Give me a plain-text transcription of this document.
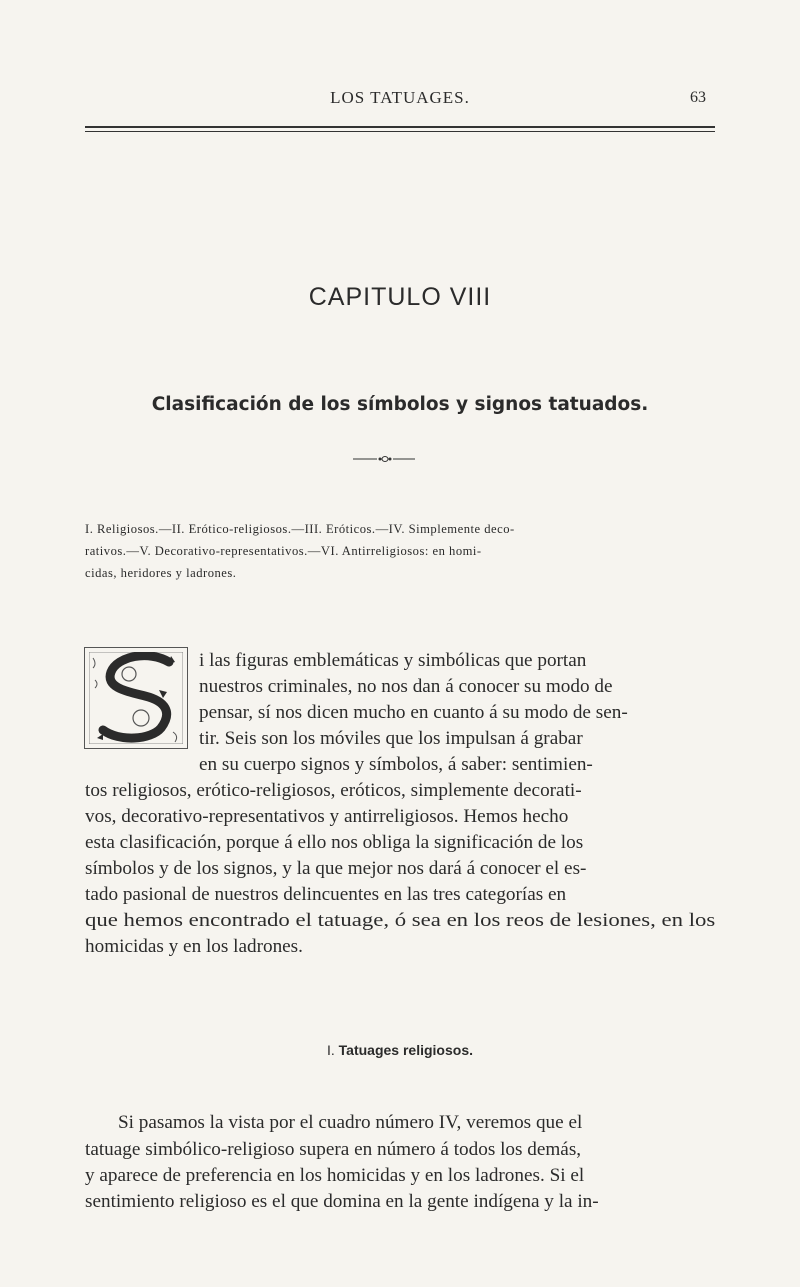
LOS TATUAGES.	63
CAPITULO VIII
Clasificación de los símbolos y signos tatuados.
I. Religiosos.—II. Erótico-religiosos.—III. Eróticos.—IV. Simplemente deco-
rativos.—V. Decorativo-representativos.—VI. Antirreligiosos: en homi-
cidas, heridores y ladrones.
i las figuras emblemáticas y simbólicas que portan
nuestros criminales, no nos dan á conocer su modo de
pensar, sí nos dicen mucho en cuanto á su modo de sen-
tir. Seis son los móviles que los impulsan á grabar
en su cuerpo signos y símbolos, á saber: sentimien-
tos religiosos, erótico-religiosos, eróticos, simplemente decorati-
vos, decorativo-representativos y antirreligiosos. Hemos hecho
esta clasificación, porque á ello nos obliga la significación de los
símbolos y de los signos, y la que mejor nos dará á conocer el es-
tado pasional de nuestros delincuentes en las tres categorías en
que hemos encontrado el tatuage, ó sea en los reos de lesiones, en los
homicidas y en los ladrones.
I. Tatuages religiosos.
Si pasamos la vista por el cuadro número IV, veremos que el
tatuage simbólico-religioso supera en número á todos los demás,
y aparece de preferencia en los homicidas y en los ladrones. Si el
sentimiento religioso es el que domina en la gente indígena y la in-
